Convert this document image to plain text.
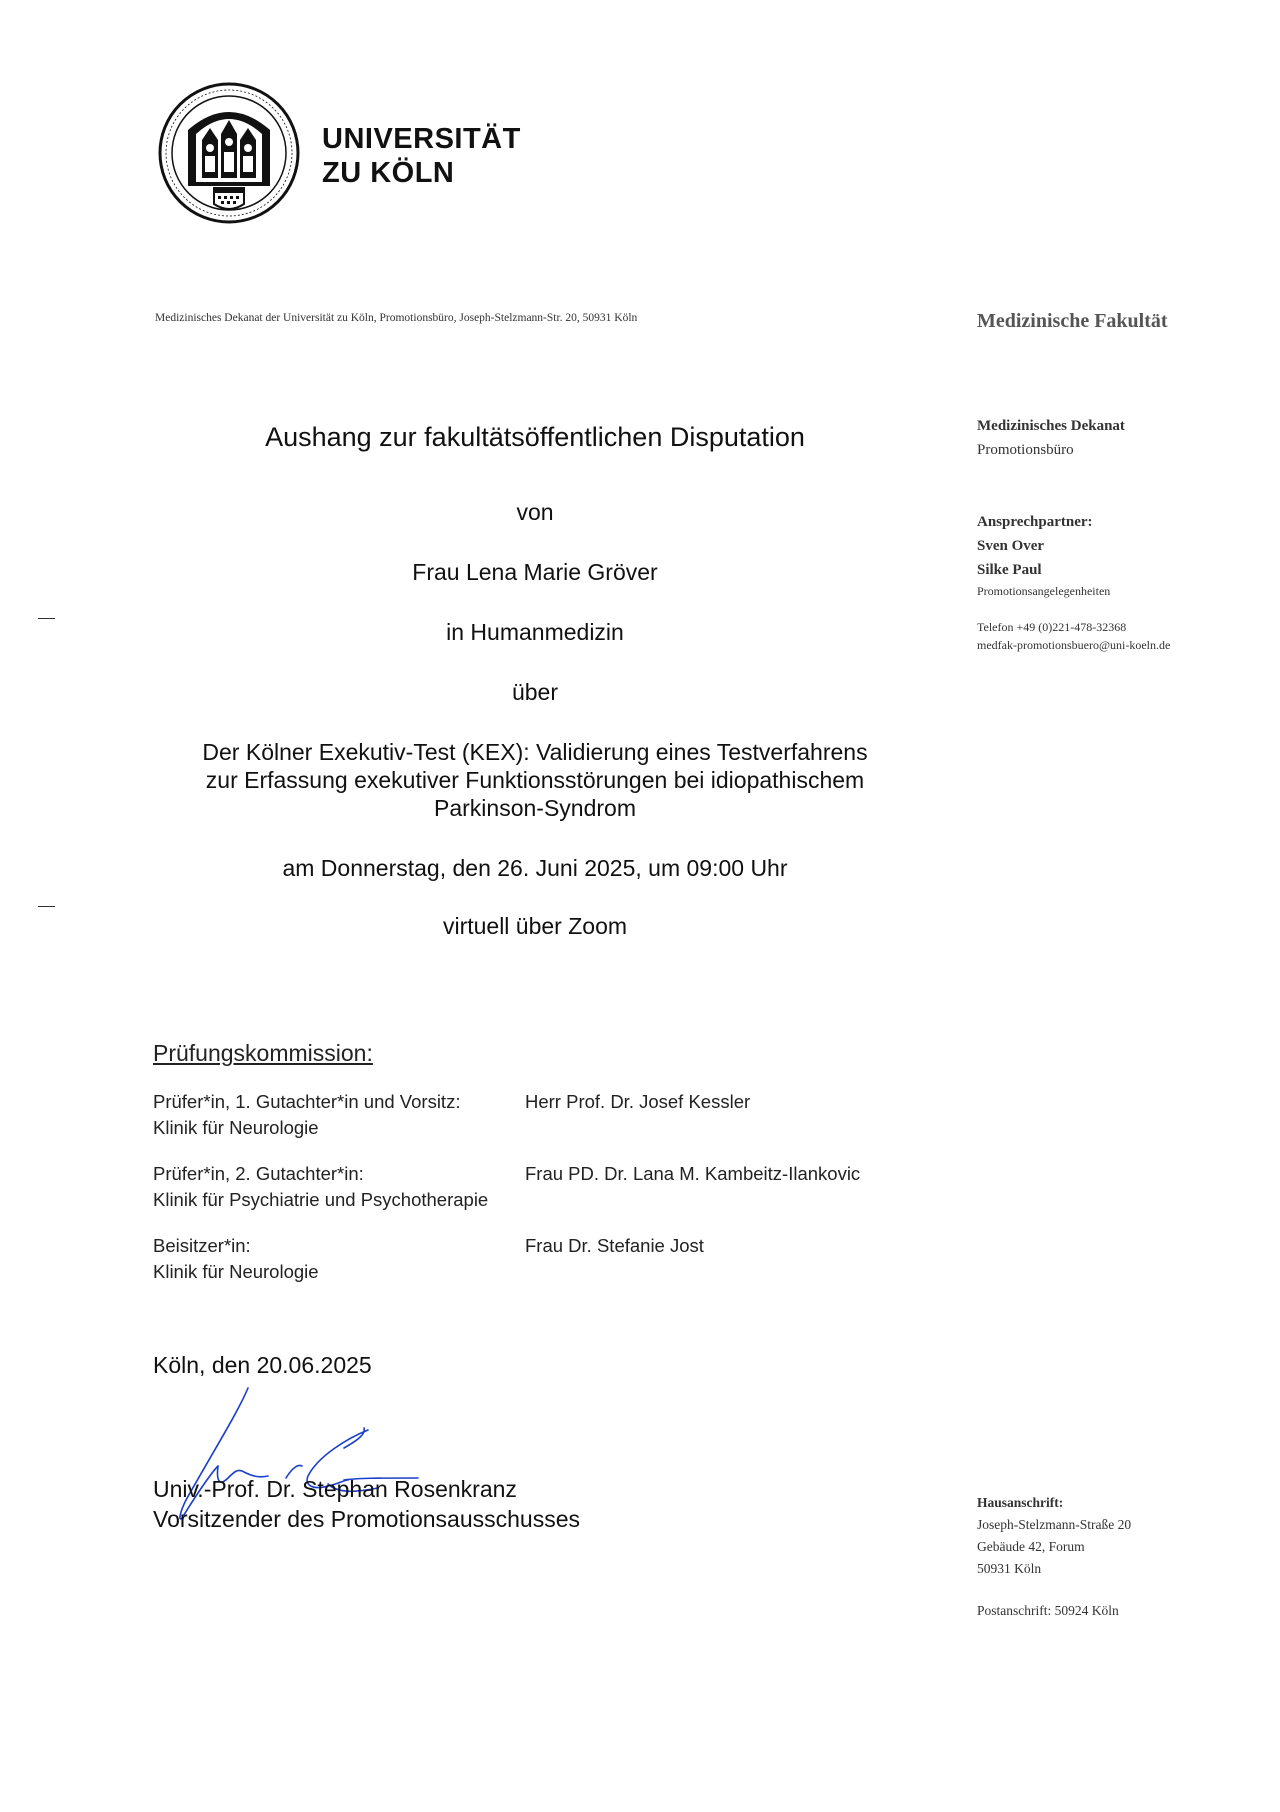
UNIVERSITÄT
ZU KÖLN
Medizinisches Dekanat der Universität zu Köln, Promotionsbüro, Joseph-Stelzmann-Str. 20, 50931 Köln	Medizinische Fakultät
Medizinisches Dekanat
Promotionsbüro
Ansprechpartner:
Sven Over
Silke Paul
Promotionsangelegenheiten
Telefon +49 (0)221-478-32368
medfak-promotionsbuero@uni-koeln.de
Aushang zur fakultätsöffentlichen Disputation
von
Frau Lena Marie Gröver
in Humanmedizin
über
Der Kölner Exekutiv-Test (KEX): Validierung eines Testverfahrens
zur Erfassung exekutiver Funktionsstörungen bei idiopathischem
Parkinson-Syndrom
am Donnerstag, den 26. Juni 2025, um 09:00 Uhr
virtuell über Zoom
Prüfungskommission:
Prüfer*in, 1. Gutachter*in und Vorsitz:	Herr Prof. Dr. Josef Kessler
Klinik für Neurologie
Prüfer*in, 2. Gutachter*in:	Frau PD. Dr. Lana M. Kambeitz-Ilankovic
Klinik für Psychiatrie und Psychotherapie
Beisitzer*in:	Frau Dr. Stefanie Jost
Klinik für Neurologie
Köln, den 20.06.2025
Univ.-Prof. Dr. Stephan Rosenkranz
Vorsitzender des Promotionsausschusses
Hausanschrift:
Joseph-Stelzmann-Straße 20
Gebäude 42, Forum
50931 Köln
Postanschrift: 50924 Köln
